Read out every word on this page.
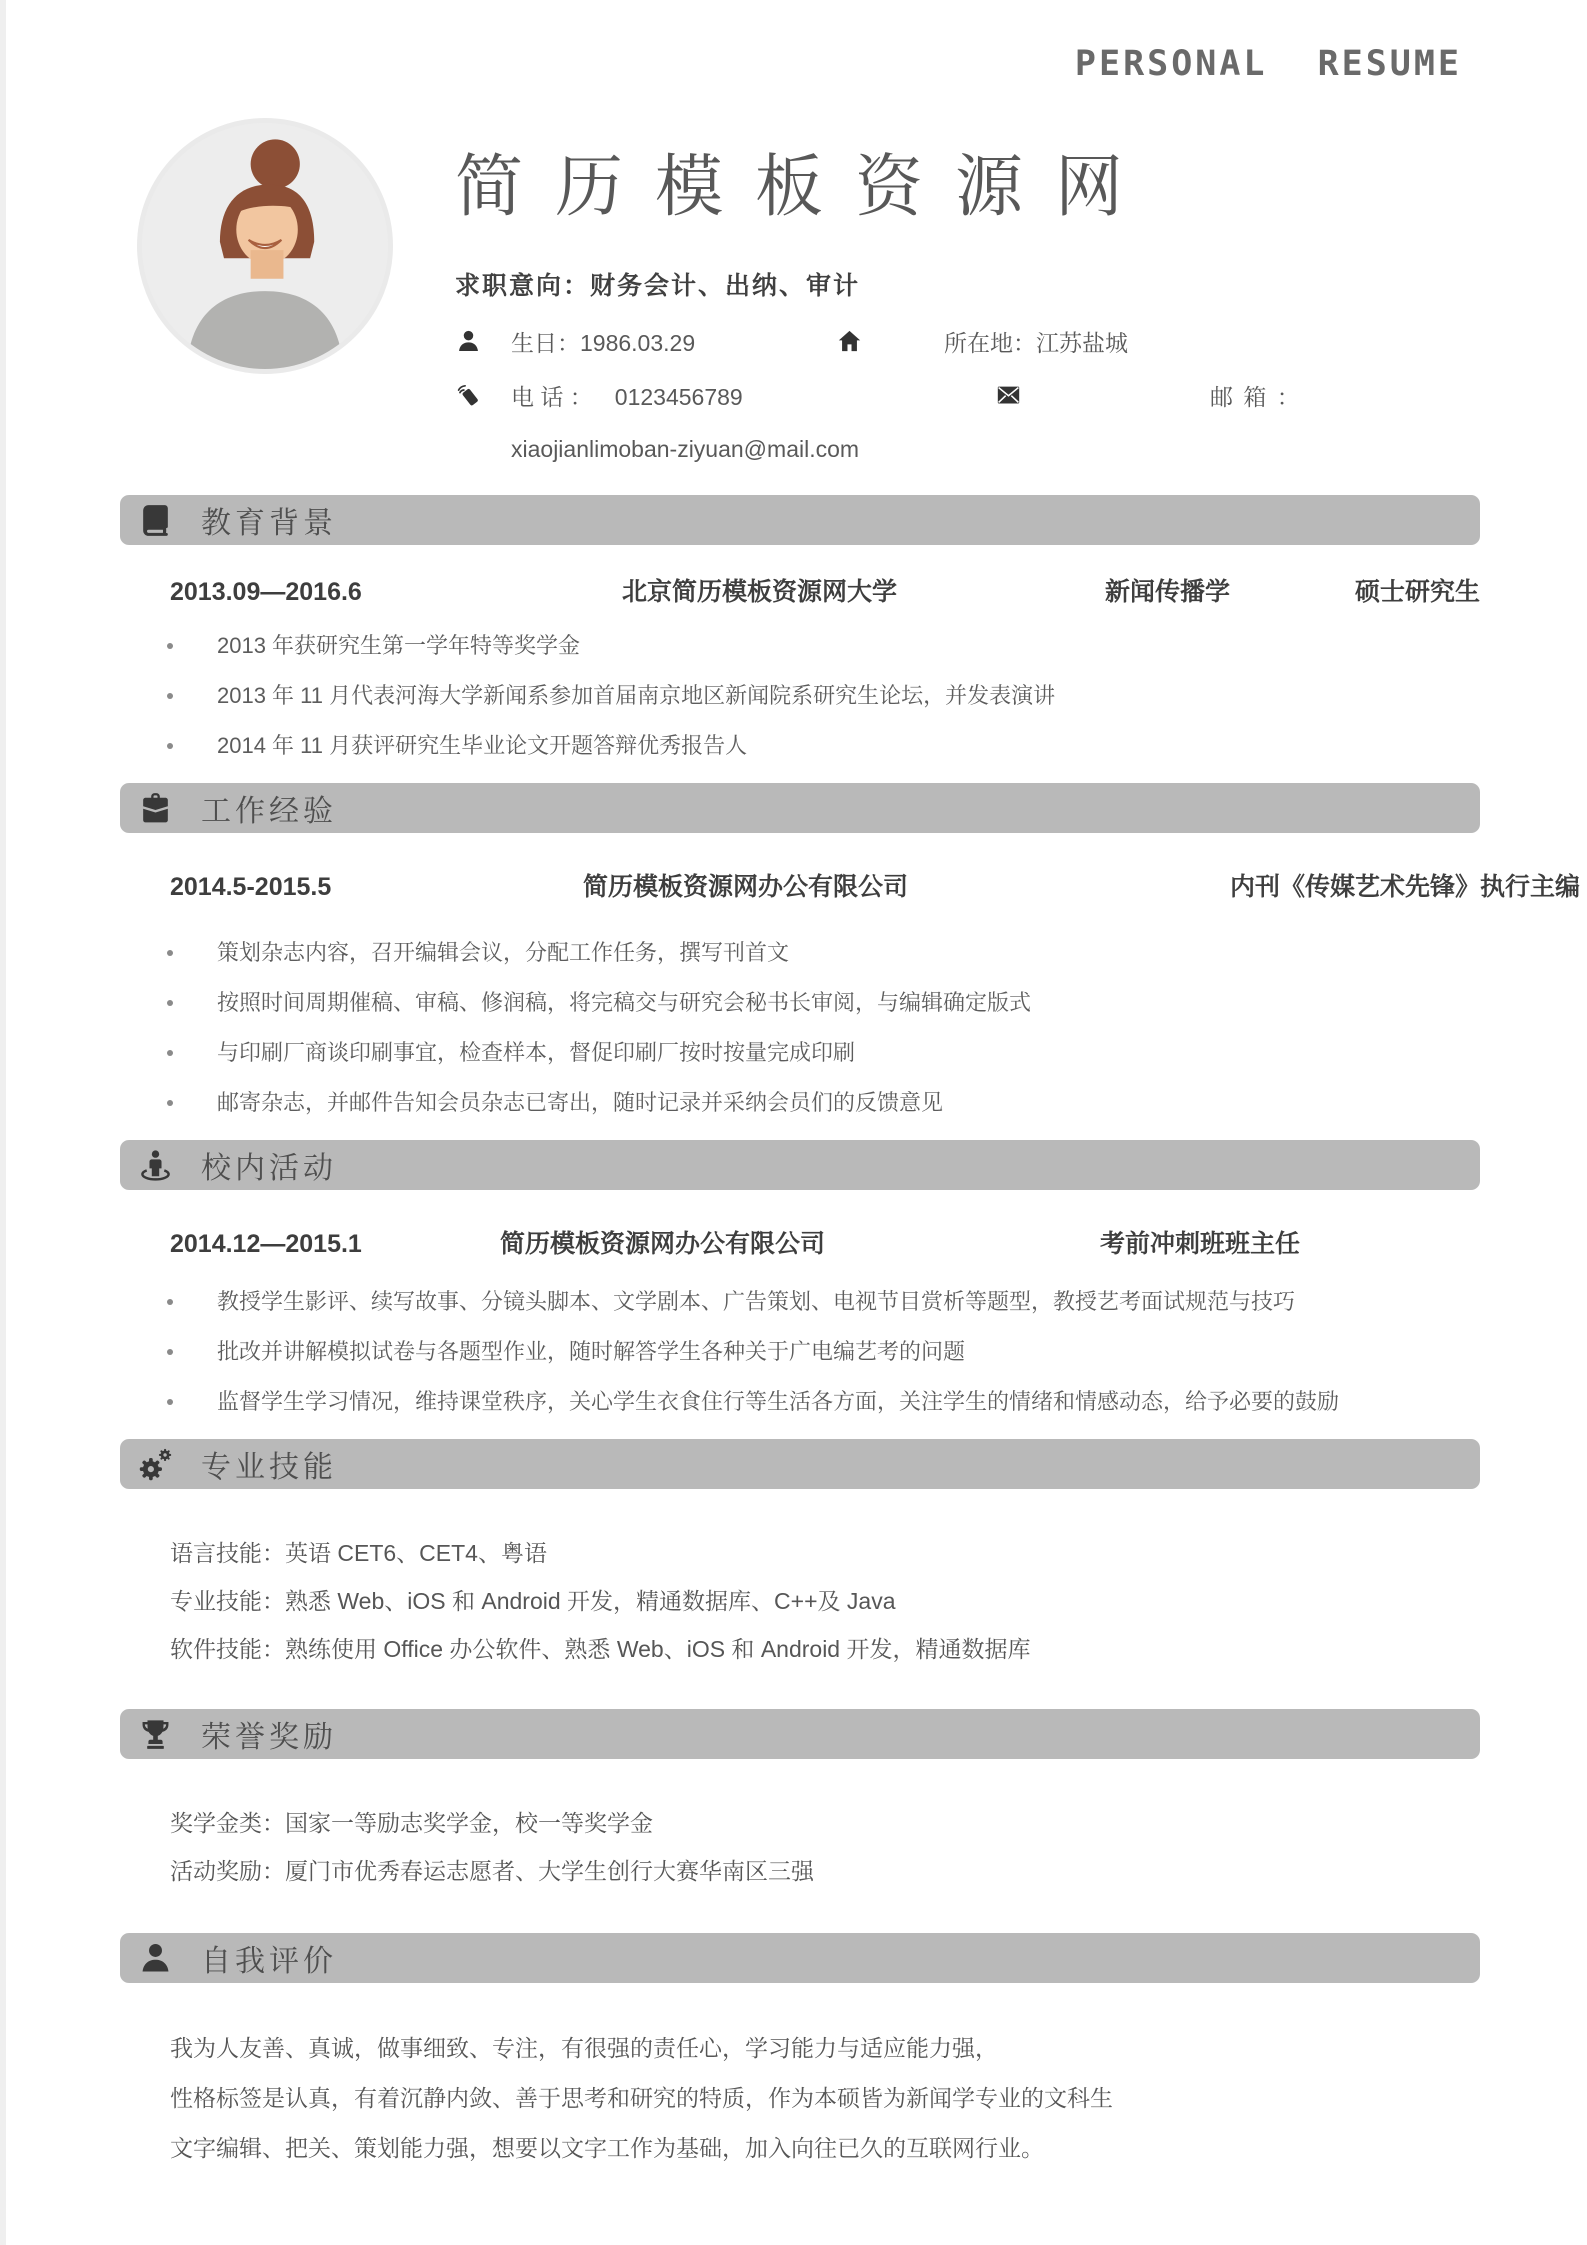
PERSONAL RESUME
简历模板资源网
求职意向：财务会计、出纳、审计
生日：1986.03.29	所在地： 江苏盐城
电 话 ： 0123456789	邮 箱 ：
xiaojianlimoban-ziyuan@mail.com
教育背景
2013.09—2016.6	北京简历模板资源网大学	新闻传播学	硕士研究生
2013 年获研究生第一学年特等奖学金
2013 年 11 月代表河海大学新闻系参加首届南京地区新闻院系研究生论坛，并发表演讲
2014 年 11 月获评研究生毕业论文开题答辩优秀报告人
工作经验
2014.5-2015.5	简历模板资源网办公有限公司	内刊《传媒艺术先锋》执行主编
策划杂志内容，召开编辑会议，分配工作任务，撰写刊首文
按照时间周期催稿、审稿、修润稿，将完稿交与研究会秘书长审阅，与编辑确定版式
与印刷厂商谈印刷事宜，检查样本，督促印刷厂按时按量完成印刷
邮寄杂志，并邮件告知会员杂志已寄出，随时记录并采纳会员们的反馈意见
校内活动
2014.12—2015.1	简历模板资源网办公有限公司	考前冲刺班班主任
教授学生影评、续写故事、分镜头脚本、文学剧本、广告策划、电视节目赏析等题型，教授艺考面试规范与技巧
批改并讲解模拟试卷与各题型作业，随时解答学生各种关于广电编艺考的问题
监督学生学习情况，维持课堂秩序，关心学生衣食住行等生活各方面，关注学生的情绪和情感动态，给予必要的鼓励
专业技能

语言技能：英语 CET6、CET4、粤语

专业技能：熟悉 Web、iOS 和 Android 开发，精通数据库、C++及 Java

软件技能：熟练使用 Office 办公软件、熟悉 Web、iOS 和 Android 开发，精通数据库

荣誉奖励

奖学金类：国家一等励志奖学金，校一等奖学金

活动奖励：厦门市优秀春运志愿者、大学生创行大赛华南区三强

自我评价

我为人友善、真诚，做事细致、专注，有很强的责任心，学习能力与适应能力强，

性格标签是认真，有着沉静内敛、善于思考和研究的特质，作为本硕皆为新闻学专业的文科生

文字编辑、把关、策划能力强，想要以文字工作为基础，加入向往已久的互联网行业。
